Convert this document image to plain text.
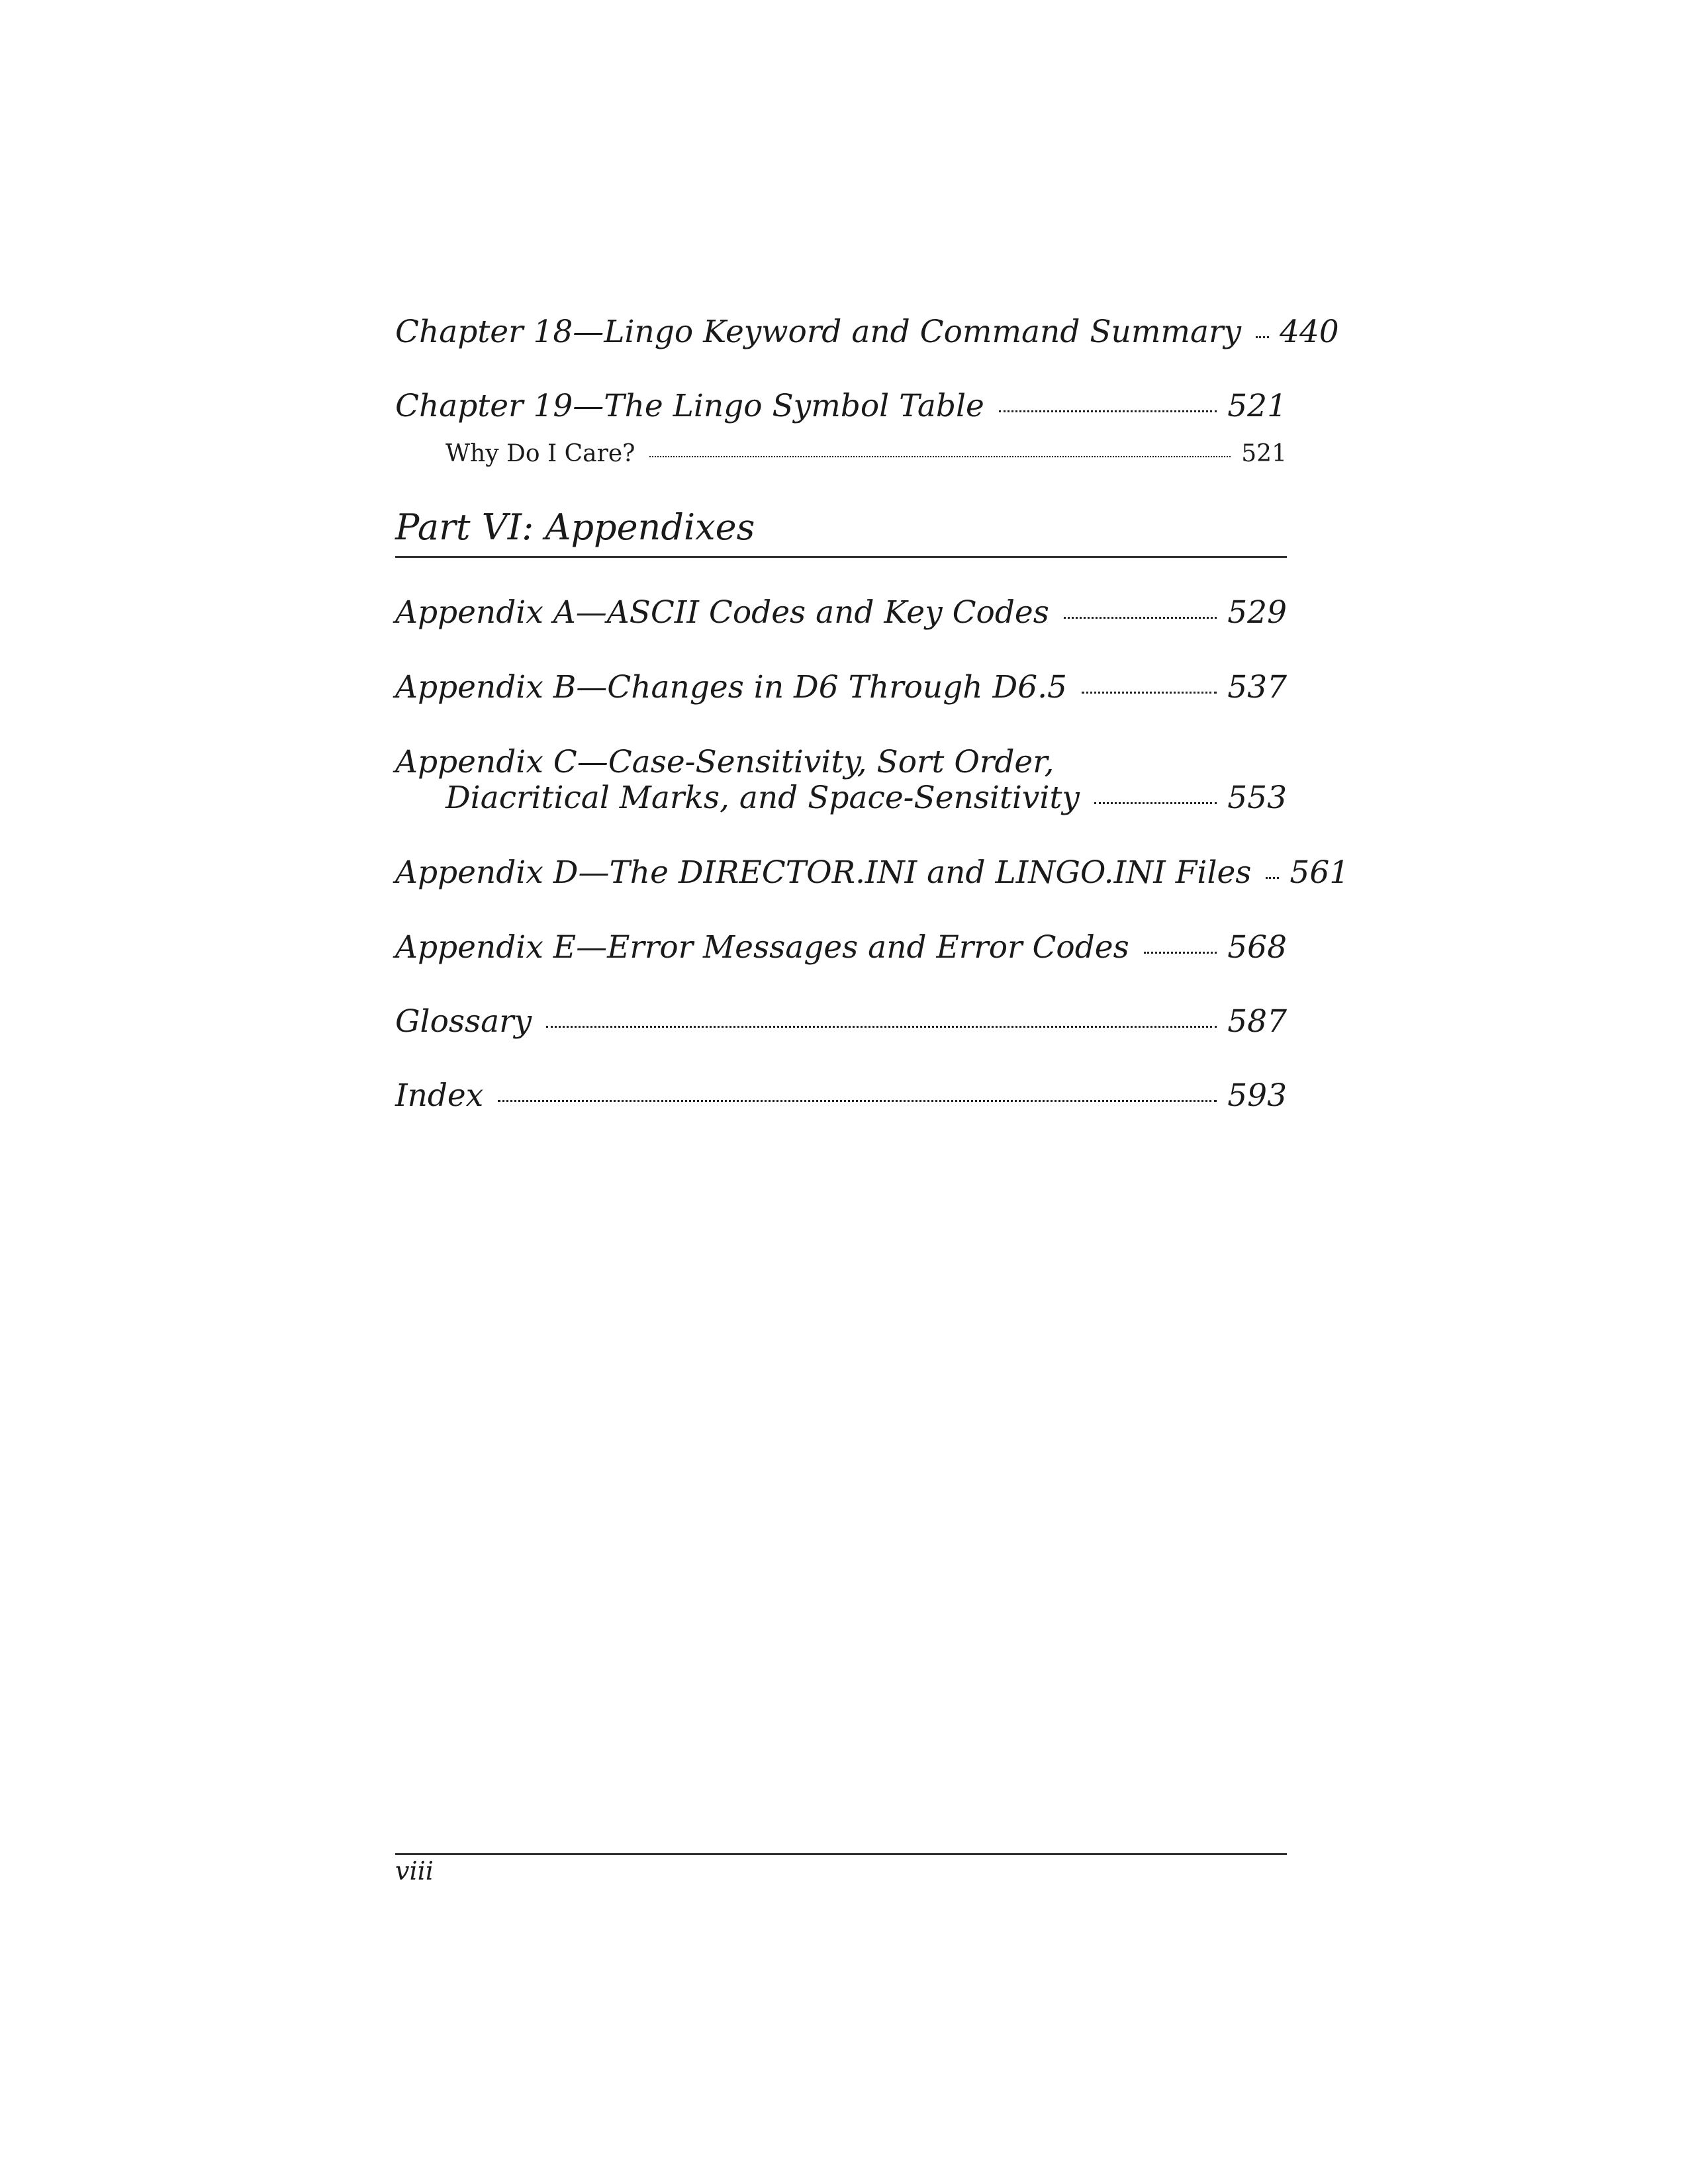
Chapter 18—Lingo Keyword and Command Summary 440
Chapter 19—The Lingo Symbol Table	521
Why Do I Care?	521
Part VI: Appendixes
Appendix A—ASCII Codes and Key Codes	529
Appendix B—Changes in D6 Through D6.5	537
Appendix C—Case-Sensitivity, Sort Order,
Diacritical Marks, and Space-Sensitivity	553
Appendix D—The DIRECTOR.INI and LINGO.INI Files 561
Appendix E—Error Messages and Error Codes	568
Glossary	587
Index	593
viii
